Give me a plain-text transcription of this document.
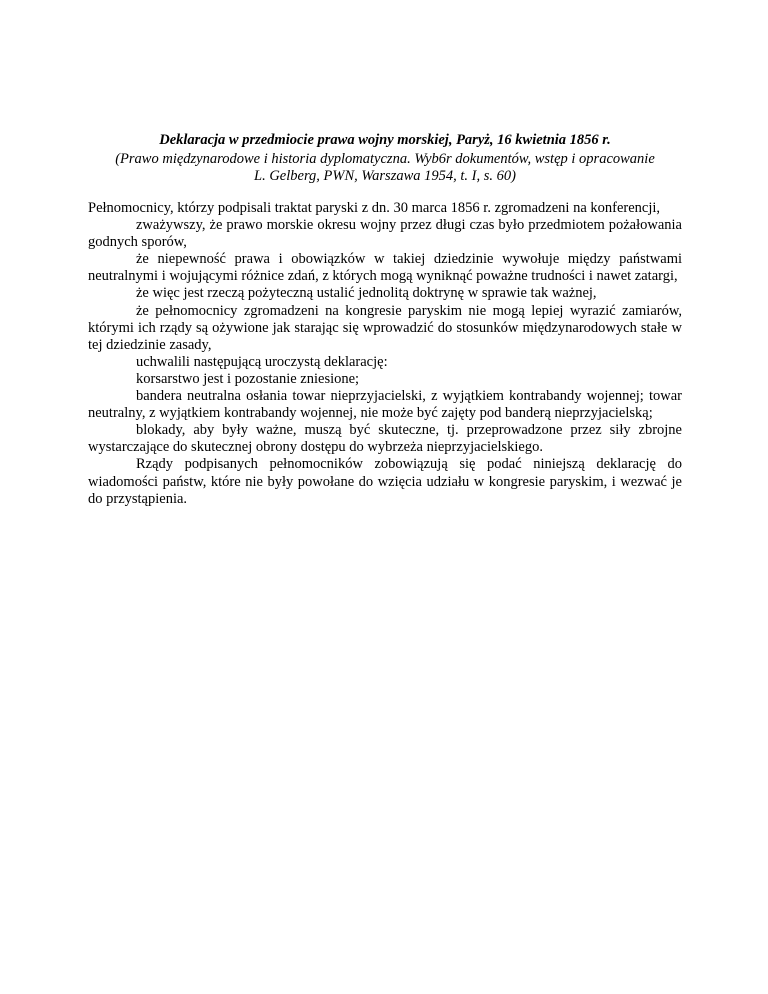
Deklaracja w przedmiocie prawa wojny morskiej, Paryż, 16 kwietnia 1856 r.

(Prawo międzynarodowe i historia dyplomatyczna. Wyb6r dokumentów, wstęp i opracowanie
L. Gelberg, PWN, Warszawa 1954, t. I, s. 60)

Pełnomocnicy, którzy podpisali traktat paryski z dn. 30 marca 1856 r. zgromadzeni na konferencji,

zważywszy, że prawo morskie okresu wojny przez długi czas było przedmiotem pożałowania godnych sporów,

że niepewność prawa i obowiązków w takiej dziedzinie wywołuje między państwami neutralnymi i wojującymi różnice zdań, z których mogą wyniknąć poważne trudności i nawet zatargi,

że więc jest rzeczą pożyteczną ustalić jednolitą doktrynę w sprawie tak ważnej,

że pełnomocnicy zgromadzeni na kongresie paryskim nie mogą lepiej wyrazić zamiarów, którymi ich rządy są ożywione jak starając się wprowadzić do stosunków międzynarodowych stałe w tej dziedzinie zasady,

uchwalili następującą uroczystą deklarację:

korsarstwo jest i pozostanie zniesione;

bandera neutralna osłania towar nieprzyjacielski, z wyjątkiem kontrabandy wojennej; towar neutralny, z wyjątkiem kontrabandy wojennej, nie może być zajęty pod banderą nieprzyjacielską;

blokady, aby były ważne, muszą być skuteczne, tj. przeprowadzone przez siły zbrojne wystarczające do skutecznej obrony dostępu do wybrzeża nieprzyjacielskiego.

Rządy podpisanych pełnomocników zobowiązują się podać niniejszą deklarację do wiadomości państw, które nie były powołane do wzięcia udziału w kongresie paryskim, i wezwać je do przystąpienia.
